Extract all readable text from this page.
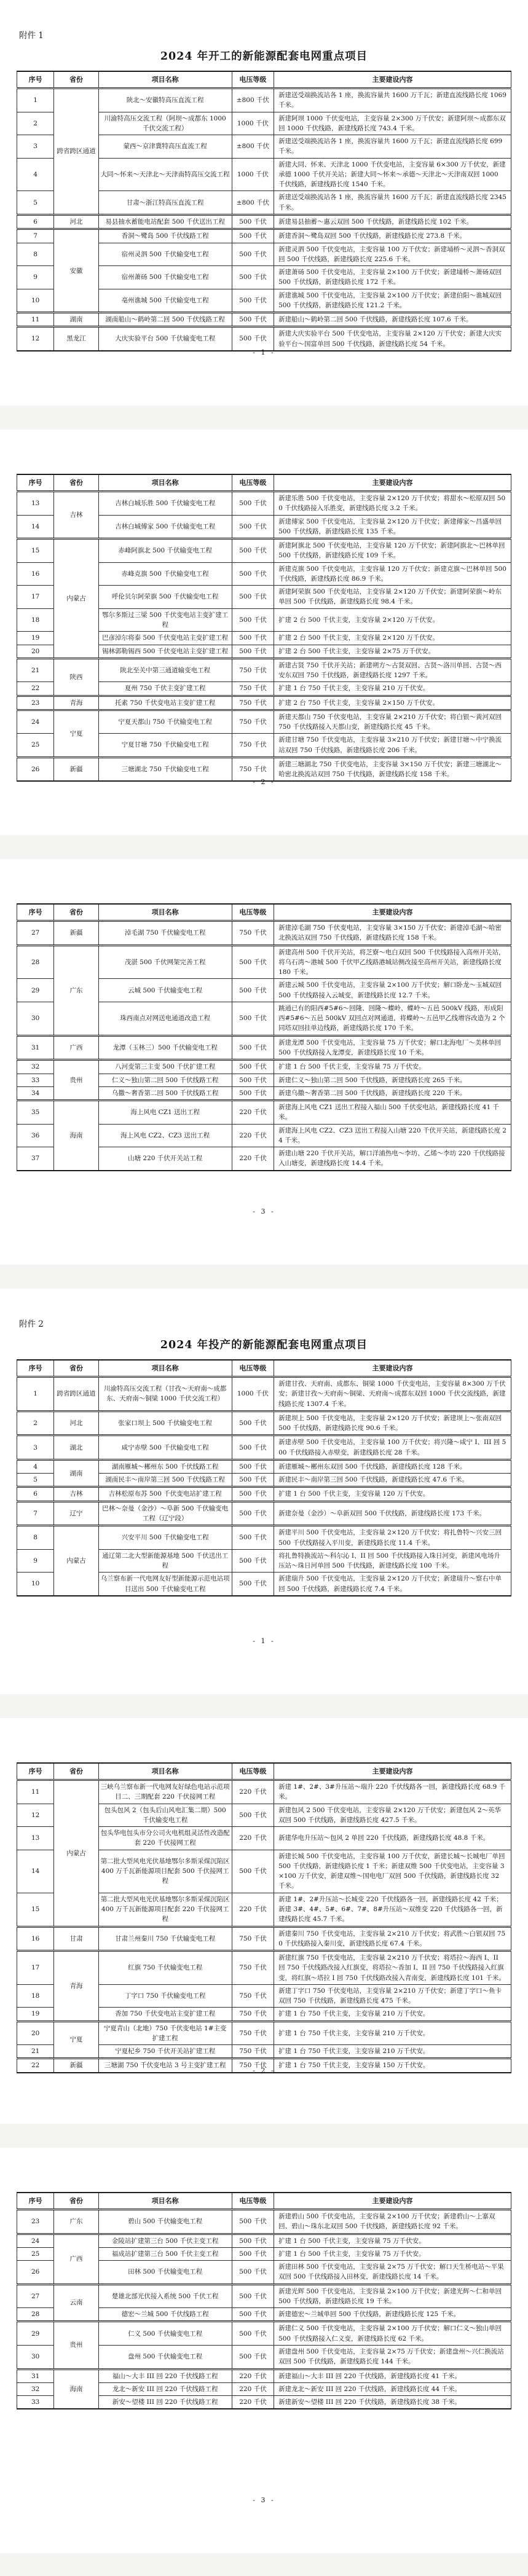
附件 1

2024 年开工的新能源配套电网重点项目
序号	省份	项目名称	电压等级	主要建设内容
1	跨省跨区通道	陕北～安徽特高压直流工程	±800 千伏	新建送受端换流站各 1 座，换流容量共 1600 万千瓦；新建直流线路长度 1069 千米。
2		川渝特高压交流工程（阿坝～成都东 1000 千伏交流工程）	1000 千伏	新建阿坝 1000 千伏变电站，主变容量 2×300 万千伏安；新建阿坝～成都东双回 1000 千伏线路，新建线路长度 743.4 千米。
3		蒙西～京津冀特高压直流工程	±800 千伏	新建送受端换流站各 1 座，换流容量共 1600 万千瓦；新建直流线路长度 699 千米。
4		大同～怀来～天津北～天津南特高压交流工程	1000 千伏	新建大同、怀来、天津北 1000 千伏变电站，主变容量 6×300 万千伏安，新建承德 1000 千伏开关站；新建大同～怀来～承德～天津北～天津南双回 1000 千伏线路，新建线路长度 1540 千米。
5		甘肃～浙江特高压直流工程	±800 千伏	新建送受端换流站各 1 座，换流容量共 1600 万千瓦；新建直流线路长度 2345 千米。
6	河北	易县抽水蓄能电站配套 500 千伏送出工程	500 千伏	新建易县抽蓄～惠云双回 500 千伏线路，新建线路长度 102 千米。
7	安徽	香洞～鹭岛 500 千伏线路工程	500 千伏	新建香洞～鹭岛双回 500 千伏线路，新建线路长度 273.8 千米。
8		宿州灵泗 500 千伏输变电工程	500 千伏	新建灵泗 500 千伏变电站，主变容量 100 万千伏安；新建埇桥～灵泗～香洞双回 500 千伏线路，新建线路长度 225.6 千米。
9		宿州萧砀 500 千伏输变电工程	500 千伏	新建萧砀 500 千伏变电站，主变容量 2×100 万千伏安；新建埇桥～萧砀双回 500 千伏线路，新建线路长度 172 千米。
10		亳州谯城 500 千伏输变电工程	500 千伏	新建谯城 500 千伏变电站，主变容量 2×100 万千伏安；新建伯阳～谯城双回 500 千伏线路，新建线路长度 121.2 千米。
11	湖南	湖南船山～鹤岭第二回 500 千伏线路工程	500 千伏	新建船山～鹤岭第二回 500 千伏线路，新建线路长度 107.6 千米。
12	黑龙江	大庆实验平台 500 千伏输变电工程	500 千伏	新建大庆实验平台 500 千伏变电站，主变容量 2×120 万千伏安；新建大庆实验平台～国富单回 500 千伏线路，新建线路长度 54 千米。
- 1 -
序号	省份	项目名称	电压等级	主要建设内容
13	吉林	吉林白城乐胜 500 千伏输变电工程	500 千伏	新建乐胜 500 千伏变电站，主变容量 2×120 万千伏安；将甜水～松原双回 500 千伏线路接入乐胜变，新建线路长度 3.2 千米。
14		吉林白城傅家 500 千伏输变电工程	500 千伏	新建傅家 500 千伏变电站，主变容量 2×120 万千伏安；新建傅家～昌盛单回 500 千伏线路，新建线路长度 135 千米。
15	内蒙古	赤峰阿旗北 500 千伏输变电工程	500 千伏	新建阿旗北 500 千伏变电站，主变容量 120 万千伏安；新建阿旗北～巴林单回 500 千伏线路，新建线路长度 109 千米。
16		赤峰克旗 500 千伏输变电工程	500 千伏	新建克旗 500 千伏变电站，主变容量 120 万千伏安；新建克旗～巴林单回 500 千伏线路，新建线路长度 86.9 千米。
17		呼伦贝尔阿荣旗 500 千伏输变电工程	500 千伏	新建阿荣旗 500 千伏变电站，主变容量 2×120 万千伏安；新建阿荣旗～岭东单回 500 千伏线路，新建线路长度 98.4 千米。
18		鄂尔多斯过三梁 500 千伏变电站主变扩建工程	500 千伏	扩建 2 台 500 千伏主变，主变容量 2×120 万千伏安。
19		巴彦淖尔将泰 500 千伏变电站主变扩建工程	500 千伏	扩建 2 台 500 千伏主变，主变容量 2×120 万千伏安。
20		锡林郭勒锡西 500 千伏变电站主变扩建工程	500 千伏	扩建 2 台 500 千伏主变，主变容量 2×75 万千伏安。
21	陕西	陕北至关中第三通道输变电工程	750 千伏	新建古贤 750 千伏开关站；新建朔方～古贤双回、古贤～洛川单回、古贤～西安东双回 750 千伏线路，新建线路长度 1297 千米。
22		夏州 750 千伏主变扩建工程	750 千伏	扩建 1 台 750 千伏主变，主变容量 210 万千伏安。
23	青海	托素 750 千伏变电站主变扩建工程	750 千伏	扩建 2 台 750 千伏主变，主变容量 2×150 万千伏安。
24	宁夏	宁夏天都山 750 千伏输变电工程	750 千伏	新建天都山 750 千伏变电站，主变容量 2×210 万千伏安；将白银～黄河双回 750 千伏线路接入天都山变，新建线路长度 45 千米。
25		宁夏甘塘 750 千伏输变电工程	750 千伏	新建甘塘 750 千伏变电站，主变容量 3×210 万千伏安；新建甘塘～中宁换流站双回 750 千伏线路，新建线路长度 206 千米。
26	新疆	三塘湖北 750 千伏输变电工程	750 千伏	新建三塘湖北 750 千伏变电站，主变容量 3×150 万千伏安；新建三塘湖北～哈密北换流站双回 750 千伏线路，新建线路长度 158 千米。
- 2 -
序号	省份	项目名称	电压等级	主要建设内容
27	新疆	淖毛湖 750 千伏输变电工程	750 千伏	新建淖毛湖 750 千伏变电站，主变容量 3×150 万千伏安；新建淖毛湖～哈密北换流站双回 750 千伏线路，新建线路长度 158 千米。
28	广东	茂湛 500 千伏网架完善工程	500 千伏	新建高州 500 千伏开关站，将芝寮～电白双回 500 千伏线路接入高州开关站，将乌石湾～港城 500 千伏甲乙线路港城站侧改接至高州开关站，新建线路长度 180 千米。
29		云城 500 千伏输变电工程	500 千伏	新建云城 500 千伏变电站，主变容量 2×100 万千伏安；解口卧龙～玉城双回 500 千伏线路接入云城变，新建线路长度 12.7 千米。
30		珠西南点对网送电通道改造工程	500 千伏	跳通已有的阳西#5#6～回隆、回隆～蝶岭、蝶岭～五邑 500kV 线路，形成阳西#5#6～五邑 500kV 双回点对网通道，将蝶岭～五邑甲乙线增容改造为 2 个同塔双回挂单边线路，新建线路长度 170 千米。
31	广西	龙潭（玉林三）500 千伏输变电工程	500 千伏	新建龙潭 500 千伏变电站，主变容量 75 万千伏安；解口北海电厂～美林单回 500 千伏线路接入龙潭变，新建线路长度 10 千米。
32	贵州	八河变第三主变 500 千伏扩建工程	500 千伏	扩建 1 台 500 千伏主变，主变容量 75 万千伏安。
33		仁义～独山第二回 500 千伏线路工程	500 千伏	新建仁义～独山第二回 500 千伏线路，新建线路长度 265 千米。
34		乌撒～奢香第二回 500 千伏线路工程	500 千伏	新建乌撒～奢香第二回 500 千伏线路，新建线路长度 220 千米。
35	海南	海上风电 CZ1 送出工程	220 千伏	新建海上风电 CZ1 送出工程接入福山 500 千伏变电站，新建线路长度 41 千米。
36		海上风电 CZ2、CZ3 送出工程	220 千伏	新建海上风电 CZ2、CZ3 送出工程接入山塘 220 千伏开关站，新建线路长度 24 千米。
37		山塘 220 千伏开关站工程	220 千伏	新建山塘 220 千伏开关站，解口洋浦热电～李坊、乙烯～李坊 220 千伏线路接入山塘变，新建线路长度 14.4 千米。
- 3 -

附件 2

2024 年投产的新能源配套电网重点项目
序号	省份	项目名称	电压等级	主要建设内容
1	跨省跨区通道	川渝特高压交流工程（甘孜～天府南～成都东、天府南～铜梁 1000 千伏交流工程）	1000 千伏	新建甘孜、天府南、成都东、铜梁 1000 千伏变电站，主变容量 8×300 万千伏安；新建甘孜～天府南～铜梁、天府南～成都东双回 1000 千伏交流线路，新建线路长度 1307.4 千米。
2	河北	张家口坝上 500 千伏输变电工程	500 千伏	新建坝上 500 千伏变电站，主变容量 2×120 万千伏安；新建坝上～张南双回 500 千伏线路，新建线路长度 90.6 千米。
3	湖北	咸宁赤壁 500 千伏输变电工程	500 千伏	新建赤壁 500 千伏变电站，主变容量 100 万千伏安；将兴隆～咸宁 I、III 回 500 千伏线路接入赤壁变，新建线路长度 28 千米。
4	湖南	湖南雁城～郴州东 500 千伏线路工程	500 千伏	新建雁城～郴州东双回 500 千伏线路，新建线路长度 128 千米。
5		湖南民丰～南岸第三回 500 千伏线路工程	500 千伏	新建民丰～南岸第三回 500 千伏线路，新建线路长度 47.6 千米。
6	吉林	吉林松原布苏 500 千伏变电站扩建工程	500 千伏	扩建 1 台 500 千伏主变，主变容量 120 万千伏安。
7	辽宁	巴林～奈曼（金沙）～阜新 500 千伏输变电工程（辽宁段）	500 千伏	新建奈曼（金沙）～阜新双回 500 千伏线路，新建线路长度 173 千米。
8	内蒙古	兴安平川 500 千伏输变电工程	500 千伏	新建平川 500 千伏变电站，主变容量 2×120 万千伏安；将扎鲁特～兴安三回 500 千伏线路接入平川变，新建线路长度 11.4 千米。
9		通辽第二北大型新能源基地 500 千伏送出工程	500 千伏	将扎鲁特换流站～科尔沁 I、II 回 500 千伏线路接入珠日河变，新建风电场升压站～珠日河单回 500 千伏线路，新建线路长度 100 千米。
10		乌兰察布新一代电网友好型新能源示范电站项目送出 500 千伏输变电工程	500 千伏	新建瑞升 500 千伏变电站，主变容量 2×120 万千伏安；新建瑞升～察右中单回 500 千伏线路，新建线路长度 7.4 千米。
- 1 -
序号	省份	项目名称	电压等级	主要建设内容
11	内蒙古	三峡乌兰察布新一代电网友好绿色电站示范项目二、三期配套 220 千伏接网工程	220 千伏	新建 1#、2#、3#升压站～瑞升 220 千伏线路各一回，新建线路长度 68.9 千米。
12		包头包风 2（包头后山风电汇集二期）500 千伏输变电工程	500 千伏	新建包风 2 500 千伏变电站，主变容量 2×120 万千伏安；新建包风 2～英华双回 500 千伏线路，新建线路长度 427.5 千米。
13		包头华电包头市分公司火电机组灵活性改造配套 220 千伏接网工程	220 千伏	新建华电升压站～包风 2 单回 220 千伏线路，新建线路长度 48.8 千米。
14		第二批大型风电光伏基地鄂尔多斯采煤沉陷区 400 万千瓦新能源项目配套 500 千伏接网工程	500 千伏	新建长城 500 千伏变电站，主变容量 100 万千伏安，新建长城～长城电厂单回 500 千伏线路，新建线路长度 1 千米；新建双维 500 千伏变电站，主变容量 3×100 万千伏安，新建双维～国电电厂双回 500 千伏线路，新建线路长度 32 千米。
15		第二批大型风电光伏基地鄂尔多斯采煤沉陷区 400 万千瓦新能源项目配套 220 千伏接网工程	220 千伏	新建 1#、2#升压站～长城变 220 千伏线路各一回，新建线路长度 42 千米；新建 3#、4#、5#、6#、7#、8#升压站～双维变 220 千伏线路各一回，新建线路长度 45.7 千米。
16	甘肃	甘肃兰州秦川 750 千伏输变电工程	750 千伏	新建秦川 750 千伏变电站，主变容量 2×210 万千伏安；将武胜～白银双回 750 千伏线路接入秦川变，新建线路长度 67.4 千米。
17	青海	红旗 750 千伏输变电工程	750 千伏	新建红旗 750 千伏变电站，主变容量 2×210 万千伏安；将塔拉～海西 I、II 回 750 千伏线路改接入红旗变，将塔拉～香加 I、II 回 750 千伏线路接入红旗变，将红旗～塔拉 I 回 750 千伏线路改接入青南变，新建线路长度 101 千米。
18		丁字口 750 千伏输变电工程	750 千伏	新建丁字口 750 千伏变电站，主变容量 2×210 万千伏安；新建丁字口～鱼卡双回 750 千伏线路，新建线路长度 475 千米。
19		香加 750 千伏变电站主变扩建工程	750 千伏	扩建 1 台 750 千伏主变，主变容量 210 万千伏安。
20	宁夏	宁夏青山（北地）750 千伏变电站 1#主变扩建工程	750 千伏	扩建 1 台 750 千伏主变，主变容量 210 万千伏安。
21		宁夏杞乡 750 千伏开关站扩建工程	750 千伏	扩建 1 台 750 千伏主变，主变容量 210 万千伏安。
22	新疆	三塘湖 750 千伏变电站 3 号主变扩建工程	750 千伏	扩建 1 台 750 千伏主变，主变容量 150 万千伏安。
- 2 -
序号	省份	项目名称	电压等级	主要建设内容
23	广东	碧山 500 千伏输变电工程	500 千伏	新建碧山 500 千伏变电站，主变容量 2×100 万千伏安；新建碧山～上寨双回、碧山～珠东北双回 500 千伏线路，新建线路长度 92 千米。
24	广西	金陵站扩建第三台 500 千伏主变工程	500 千伏	扩建 1 台 500 千伏主变，主变容量 75 万千伏安。
25		福成站扩建第三台 500 千伏主变工程	500 千伏	扩建 1 台 500 千伏主变，主变容量 75 万千伏安。
26		田林 500 千伏输变电工程	500 千伏	新建田林 500 千伏变电站，主变容量 2×75 万千伏安；解口天生桥电站～平果双回 500 千伏线路接入田林变，新建线路长度 14 千米。
27	云南	楚雄北部光伏接入系统 500 千伏工程	500 千伏	新建光辉 500 千伏变电站，主变容量 2×100 万千伏安；新建光辉～仁和单回 500 千伏线路，新建线路长度 19 千米。
28		德宏～兰城 500 千伏线路工程	500 千伏	新建德宏～兰城单回 500 千伏线路，新建线路长度 125 千米。
29	贵州	仁义 500 千伏输变电工程	500 千伏	新建仁义 500 千伏变电站，主变容量 2×100 万千伏安；解口仁义～独山单回 500 千伏线路接入仁义变，新建线路长度 62 千米。
30		盘州 500 千伏输变电工程	500 千伏	新建盘州 500 千伏变电站，主变容量 2×75 万千伏安；新建盘州～兴仁换流站双回 500 千伏线路，新建线路长度 144 千米。
31	海南	福山～大丰 III 回 220 千伏线路工程	220 千伏	新建福山～大丰 III 回 220 千伏线路，新建线路长度 41 千米。
32		龙北～新安 III 回 220 千伏线路工程	220 千伏	新建龙北～新安 III 回 220 千伏线路，新建线路长度 44 千米。
33		新安～望楼 III 回 220 千伏线路工程	220 千伏	新建新安～望楼 III 回 220 千伏线路，新建线路长度 38 千米。
- 3 -
